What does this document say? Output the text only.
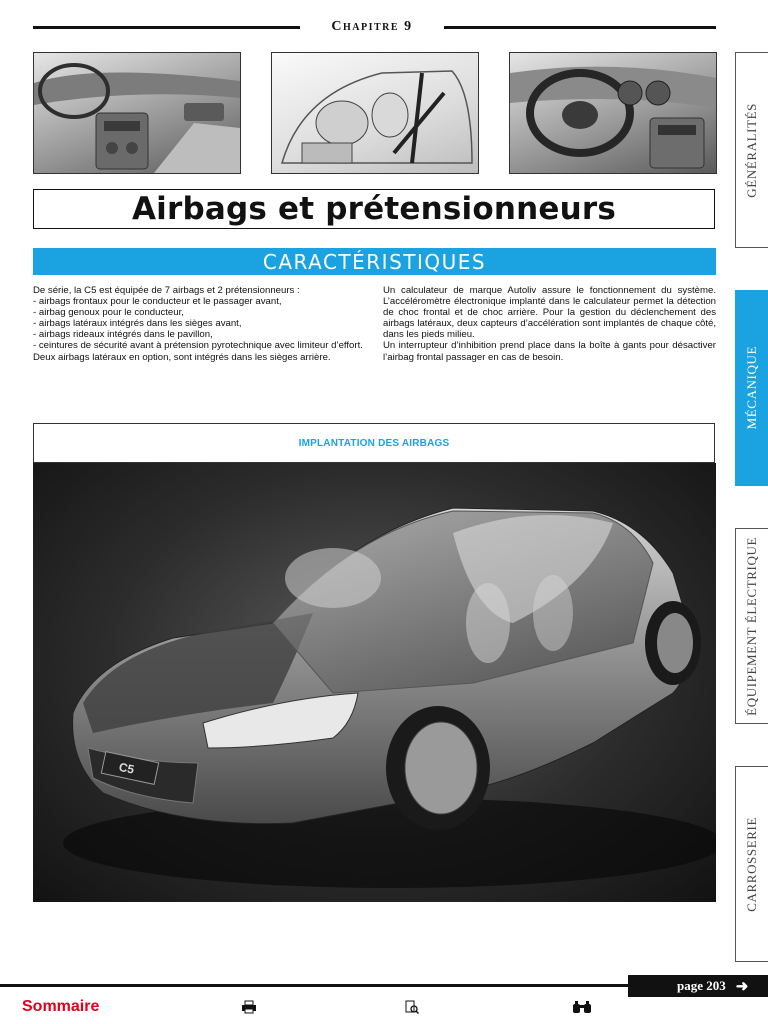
Chapitre 9
Airbags et prétensionneurs
CARACTÉRISTIQUES

De série, la C5 est équipée de 7 airbags et 2 prétensionneurs :

- airbags frontaux pour le conducteur et le passager avant,

- airbag genoux pour le conducteur,

- airbags latéraux intégrés dans les sièges avant,

- airbags rideaux intégrés dans le pavillon,

- ceintures de sécurité avant à prétension pyrotechnique avec limiteur d’effort.

Deux airbags latéraux en option, sont intégrés dans les sièges arrière.

Un calculateur de marque Autoliv assure le fonctionnement du système. L’accéléromètre électronique implanté dans le calculateur permet la détection de choc frontal et de choc arrière. Pour la gestion du déclenchement des airbags latéraux, deux capteurs d’accélération sont implantés de chaque côté, dans les pieds milieu.

Un interrupteur d’inhibition prend place dans la boîte à gants pour désactiver l’airbag frontal passager en cas de besoin.

IMPLANTATION DES AIRBAGS
C5
GÉNÉRALITÉS
MÉCANIQUE
ÉQUIPEMENT ÉLECTRIQUE
CARROSSERIE
page 203 ➜
Sommaire
